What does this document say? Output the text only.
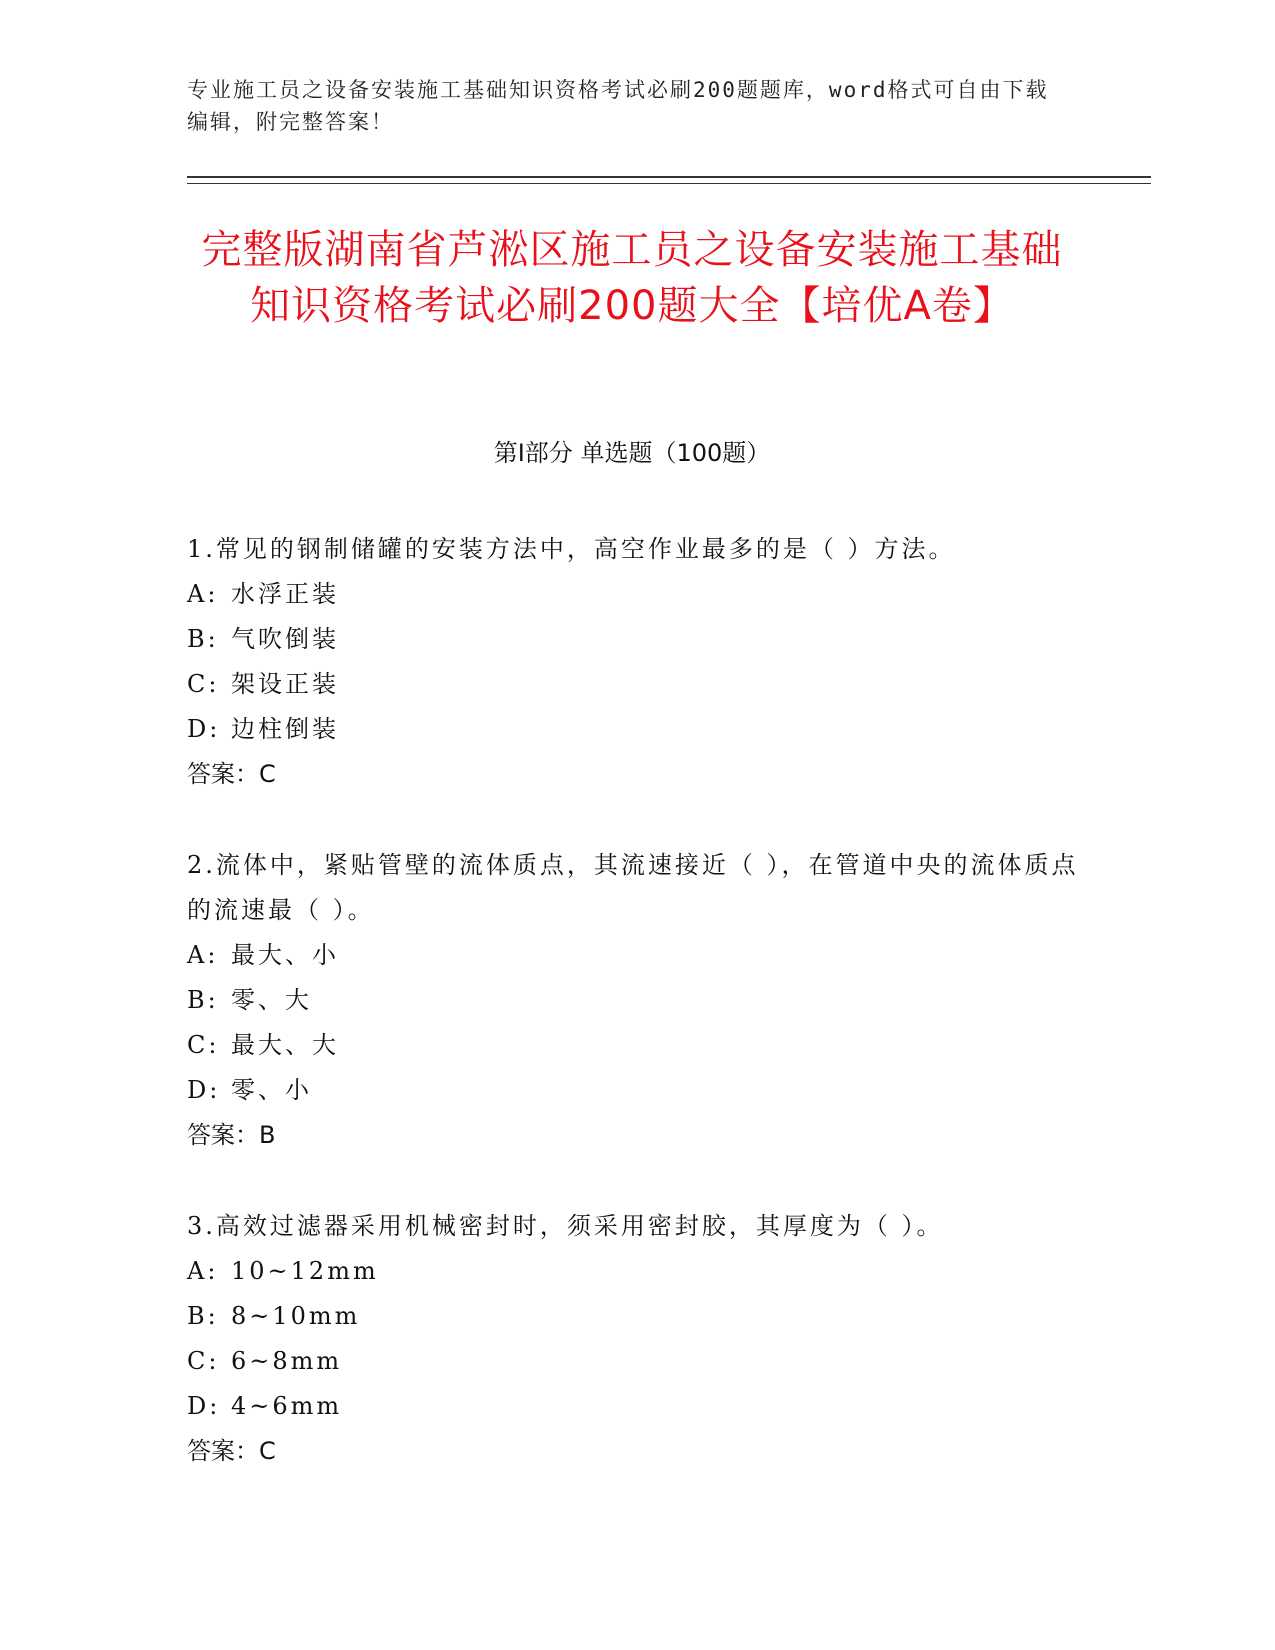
专业施工员之设备安装施工基础知识资格考试必刷200题题库，word格式可自由下载编辑，附完整答案！
完整版湖南省芦淞区施工员之设备安装施工基础知识资格考试必刷200题大全【培优A卷】
第Ⅰ部分 单选题（100题）

1.常见的钢制储罐的安装方法中，高空作业最多的是（ ）方法。

A: 水浮正装

B: 气吹倒装

C: 架设正装

D: 边柱倒装

答案：C

2.流体中，紧贴管壁的流体质点，其流速接近（ ），在管道中央的流体质点的流速最（ ）。

A: 最大、小

B: 零、大

C: 最大、大

D: 零、小

答案：B

3.高效过滤器采用机械密封时，须采用密封胶，其厚度为（ ）。

A: 10~12mm

B: 8~10mm

C: 6~8mm

D: 4~6mm

答案：C
